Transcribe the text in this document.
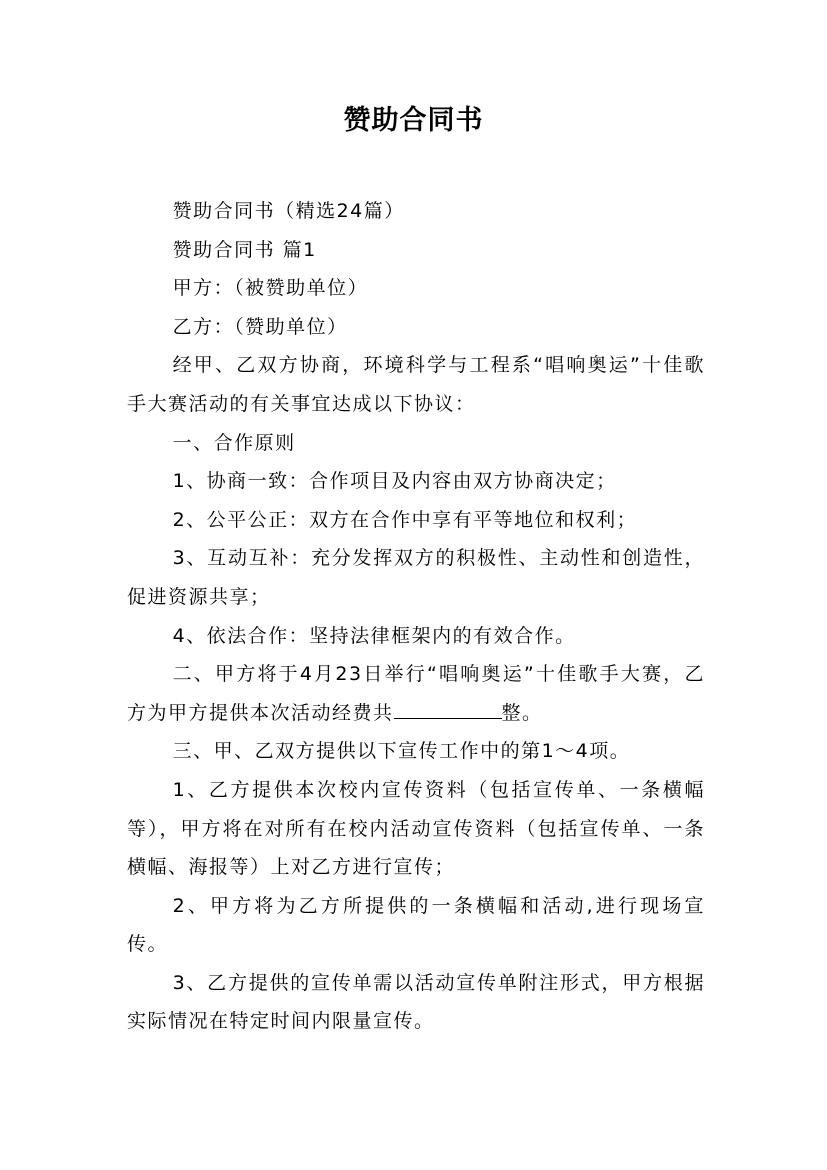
赞助合同书

赞助合同书（精选24篇）

赞助合同书 篇1

甲方：（被赞助单位）

乙方：（赞助单位）

经甲、乙双方协商，环境科学与工程系“唱响奥运”十佳歌手大赛活动的有关事宜达成以下协议：

一、合作原则

1、协商一致：合作项目及内容由双方协商决定；

2、公平公正：双方在合作中享有平等地位和权利；

3、互动互补：充分发挥双方的积极性、主动性和创造性，促进资源共享；

4、依法合作：坚持法律框架内的有效合作。

二、甲方将于4月23日举行“唱响奥运”十佳歌手大赛，乙方为甲方提供本次活动经费共	整。

三、甲、乙双方提供以下宣传工作中的第1～4项。

1、乙方提供本次校内宣传资料（包括宣传单、一条横幅等），甲方将在对所有在校内活动宣传资料（包括宣传单、一条横幅、海报等）上对乙方进行宣传；

2、甲方将为乙方所提供的一条横幅和活动,进行现场宣传。

3、乙方提供的宣传单需以活动宣传单附注形式，甲方根据实际情况在特定时间内限量宣传。
